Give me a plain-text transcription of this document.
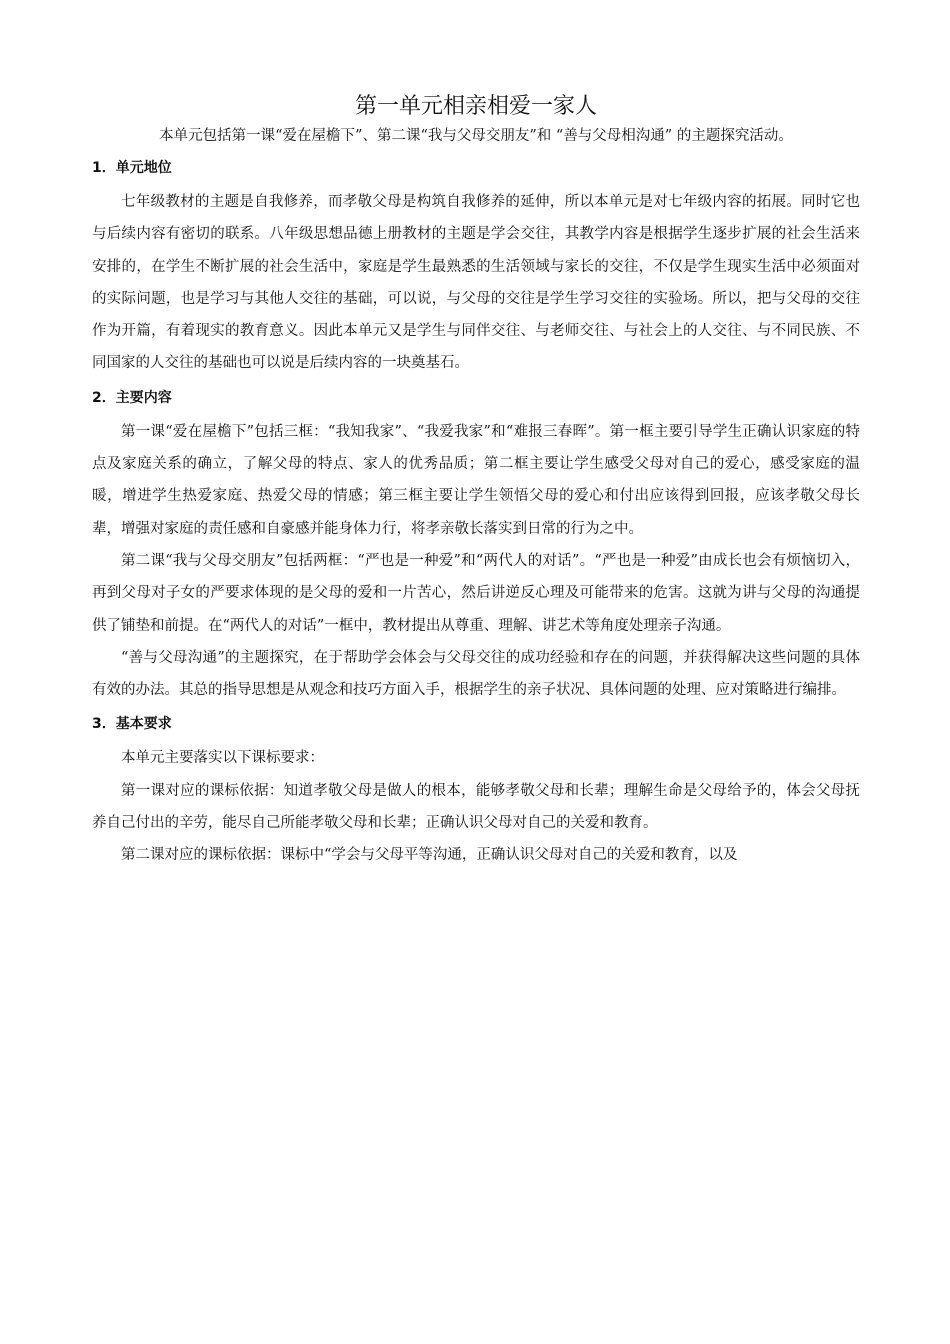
第一单元相亲相爱一家人

本单元包括第一课“爱在屋檐下”、第二课“我与父母交朋友”和 “善与父母相沟通” 的主题探究活动。

1．单元地位

七年级教材的主题是自我修养，而孝敬父母是构筑自我修养的延伸，所以本单元是对七年级内容的拓展。同时它也与后续内容有密切的联系。八年级思想品德上册教材的主题是学会交往，其教学内容是根据学生逐步扩展的社会生活来安排的，在学生不断扩展的社会生活中，家庭是学生最熟悉的生活领域与家长的交往，不仅是学生现实生活中必须面对的实际问题，也是学习与其他人交往的基础，可以说，与父母的交往是学生学习交往的实验场。所以，把与父母的交往作为开篇，有着现实的教育意义。因此本单元又是学生与同伴交往、与老师交往、与社会上的人交往、与不同民族、不同国家的人交往的基础也可以说是后续内容的一块奠基石。

2．主要内容

第一课“爱在屋檐下”包括三框：“我知我家”、“我爱我家”和“难报三春晖”。第一框主要引导学生正确认识家庭的特点及家庭关系的确立，了解父母的特点、家人的优秀品质；第二框主要让学生感受父母对自己的爱心，感受家庭的温暖，增进学生热爱家庭、热爱父母的情感；第三框主要让学生领悟父母的爱心和付出应该得到回报，应该孝敬父母长辈，增强对家庭的责任感和自豪感并能身体力行，将孝亲敬长落实到日常的行为之中。

第二课“我与父母交朋友”包括两框：“严也是一种爱”和“两代人的对话”。“严也是一种爱”由成长也会有烦恼切入，再到父母对子女的严要求体现的是父母的爱和一片苦心，然后讲逆反心理及可能带来的危害。这就为讲与父母的沟通提供了铺垫和前提。在“两代人的对话”一框中，教材提出从尊重、理解、讲艺术等角度处理亲子沟通。

“善与父母沟通”的主题探究，在于帮助学会体会与父母交往的成功经验和存在的问题，并获得解决这些问题的具体有效的办法。其总的指导思想是从观念和技巧方面入手，根据学生的亲子状况、具体问题的处理、应对策略进行编排。

3．基本要求

本单元主要落实以下课标要求：

第一课对应的课标依据：知道孝敬父母是做人的根本，能够孝敬父母和长辈；理解生命是父母给予的，体会父母抚养自己付出的辛劳，能尽自己所能孝敬父母和长辈；正确认识父母对自己的关爱和教育。

第二课对应的课标依据：课标中“学会与父母平等沟通，正确认识父母对自己的关爱和教育，以及
